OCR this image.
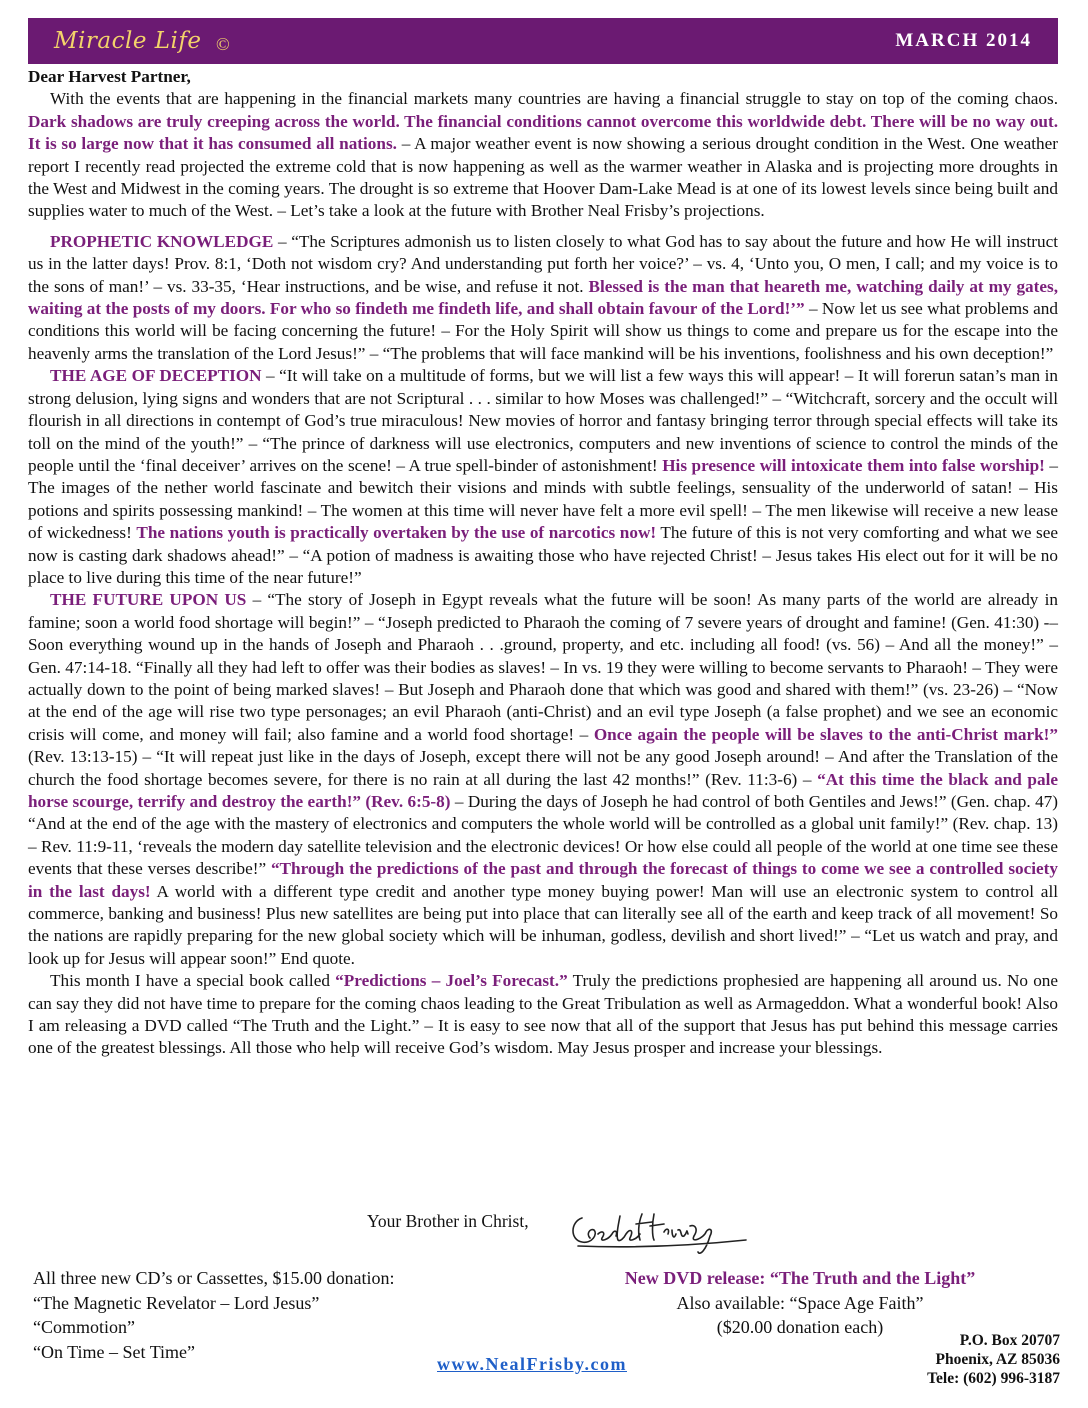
Miracle Life ©	MARCH 2014

Dear Harvest Partner,

With the events that are happening in the financial markets many countries are having a financial struggle to stay on top of the coming chaos. Dark shadows are truly creeping across the world. The financial conditions cannot overcome this worldwide debt. There will be no way out. It is so large now that it has consumed all nations. – A major weather event is now showing a serious drought condition in the West. One weather report I recently read projected the extreme cold that is now happening as well as the warmer weather in Alaska and is projecting more droughts in the West and Midwest in the coming years. The drought is so extreme that Hoover Dam-Lake Mead is at one of its lowest levels since being built and supplies water to much of the West. – Let’s take a look at the future with Brother Neal Frisby’s projections.

PROPHETIC KNOWLEDGE – “The Scriptures admonish us to listen closely to what God has to say about the future and how He will instruct us in the latter days! Prov. 8:1, ‘Doth not wisdom cry? And understanding put forth her voice?’ – vs. 4, ‘Unto you, O men, I call; and my voice is to the sons of man!’ – vs. 33-35, ‘Hear instructions, and be wise, and refuse it not. Blessed is the man that heareth me, watching daily at my gates, waiting at the posts of my doors. For who so findeth me findeth life, and shall obtain favour of the Lord!’” – Now let us see what problems and conditions this world will be facing concerning the future! – For the Holy Spirit will show us things to come and prepare us for the escape into the heavenly arms the translation of the Lord Jesus!” – “The problems that will face mankind will be his inventions, foolishness and his own deception!”

THE AGE OF DECEPTION – “It will take on a multitude of forms, but we will list a few ways this will appear! – It will forerun satan’s man in strong delusion, lying signs and wonders that are not Scriptural . . . similar to how Moses was challenged!” – “Witchcraft, sorcery and the occult will flourish in all directions in contempt of God’s true miraculous! New movies of horror and fantasy bringing terror through special effects will take its toll on the mind of the youth!” – “The prince of darkness will use electronics, computers and new inventions of science to control the minds of the people until the ‘final deceiver’ arrives on the scene! – A true spell-binder of astonishment! His presence will intoxicate them into false worship! – The images of the nether world fascinate and bewitch their visions and minds with subtle feelings, sensuality of the underworld of satan! – His potions and spirits possessing mankind! – The women at this time will never have felt a more evil spell! – The men likewise will receive a new lease of wickedness! The nations youth is practically overtaken by the use of narcotics now! The future of this is not very comforting and what we see now is casting dark shadows ahead!” – “A potion of madness is awaiting those who have rejected Christ! – Jesus takes His elect out for it will be no place to live during this time of the near future!”

THE FUTURE UPON US – “The story of Joseph in Egypt reveals what the future will be soon! As many parts of the world are already in famine; soon a world food shortage will begin!” – “Joseph predicted to Pharaoh the coming of 7 severe years of drought and famine! (Gen. 41:30) -–Soon everything wound up in the hands of Joseph and Pharaoh . . .ground, property, and etc. including all food! (vs. 56) – And all the money!” – Gen. 47:14-18. “Finally all they had left to offer was their bodies as slaves! – In vs. 19 they were willing to become servants to Pharaoh! – They were actually down to the point of being marked slaves! – But Joseph and Pharaoh done that which was good and shared with them!” (vs. 23-26) – “Now at the end of the age will rise two type personages; an evil Pharaoh (anti-Christ) and an evil type Joseph (a false prophet) and we see an economic crisis will come, and money will fail; also famine and a world food shortage! – Once again the people will be slaves to the anti-Christ mark!” (Rev. 13:13-15) – “It will repeat just like in the days of Joseph, except there will not be any good Joseph around! – And after the Translation of the church the food shortage becomes severe, for there is no rain at all during the last 42 months!” (Rev. 11:3-6) – “At this time the black and pale horse scourge, terrify and destroy the earth!” (Rev. 6:5-8) – During the days of Joseph he had control of both Gentiles and Jews!” (Gen. chap. 47) “And at the end of the age with the mastery of electronics and computers the whole world will be controlled as a global unit family!” (Rev. chap. 13) – Rev. 11:9-11, ‘reveals the modern day satellite television and the electronic devices! Or how else could all people of the world at one time see these events that these verses describe!” “Through the predictions of the past and through the forecast of things to come we see a controlled society in the last days! A world with a different type credit and another type money buying power! Man will use an electronic system to control all commerce, banking and business! Plus new satellites are being put into place that can literally see all of the earth and keep track of all movement! So the nations are rapidly preparing for the new global society which will be inhuman, godless, devilish and short lived!” – “Let us watch and pray, and look up for Jesus will appear soon!” End quote.

This month I have a special book called “Predictions – Joel’s Forecast.” Truly the predictions prophesied are happening all around us. No one can say they did not have time to prepare for the coming chaos leading to the Great Tribulation as well as Armageddon. What a wonderful book! Also I am releasing a DVD called “The Truth and the Light.” – It is easy to see now that all of the support that Jesus has put behind this message carries one of the greatest blessings. All those who help will receive God’s wisdom. May Jesus prosper and increase your blessings.

Your Brother in Christ,
All three new CD’s or Cassettes, $15.00 donation:
“The Magnetic Revelator – Lord Jesus”
“Commotion”
“On Time – Set Time”
New DVD release: “The Truth and the Light”
Also available: “Space Age Faith”
($20.00 donation each)
P.O. Box 20707
Phoenix, AZ 85036
Tele: (602) 996-3187
www.NealFrisby.com
